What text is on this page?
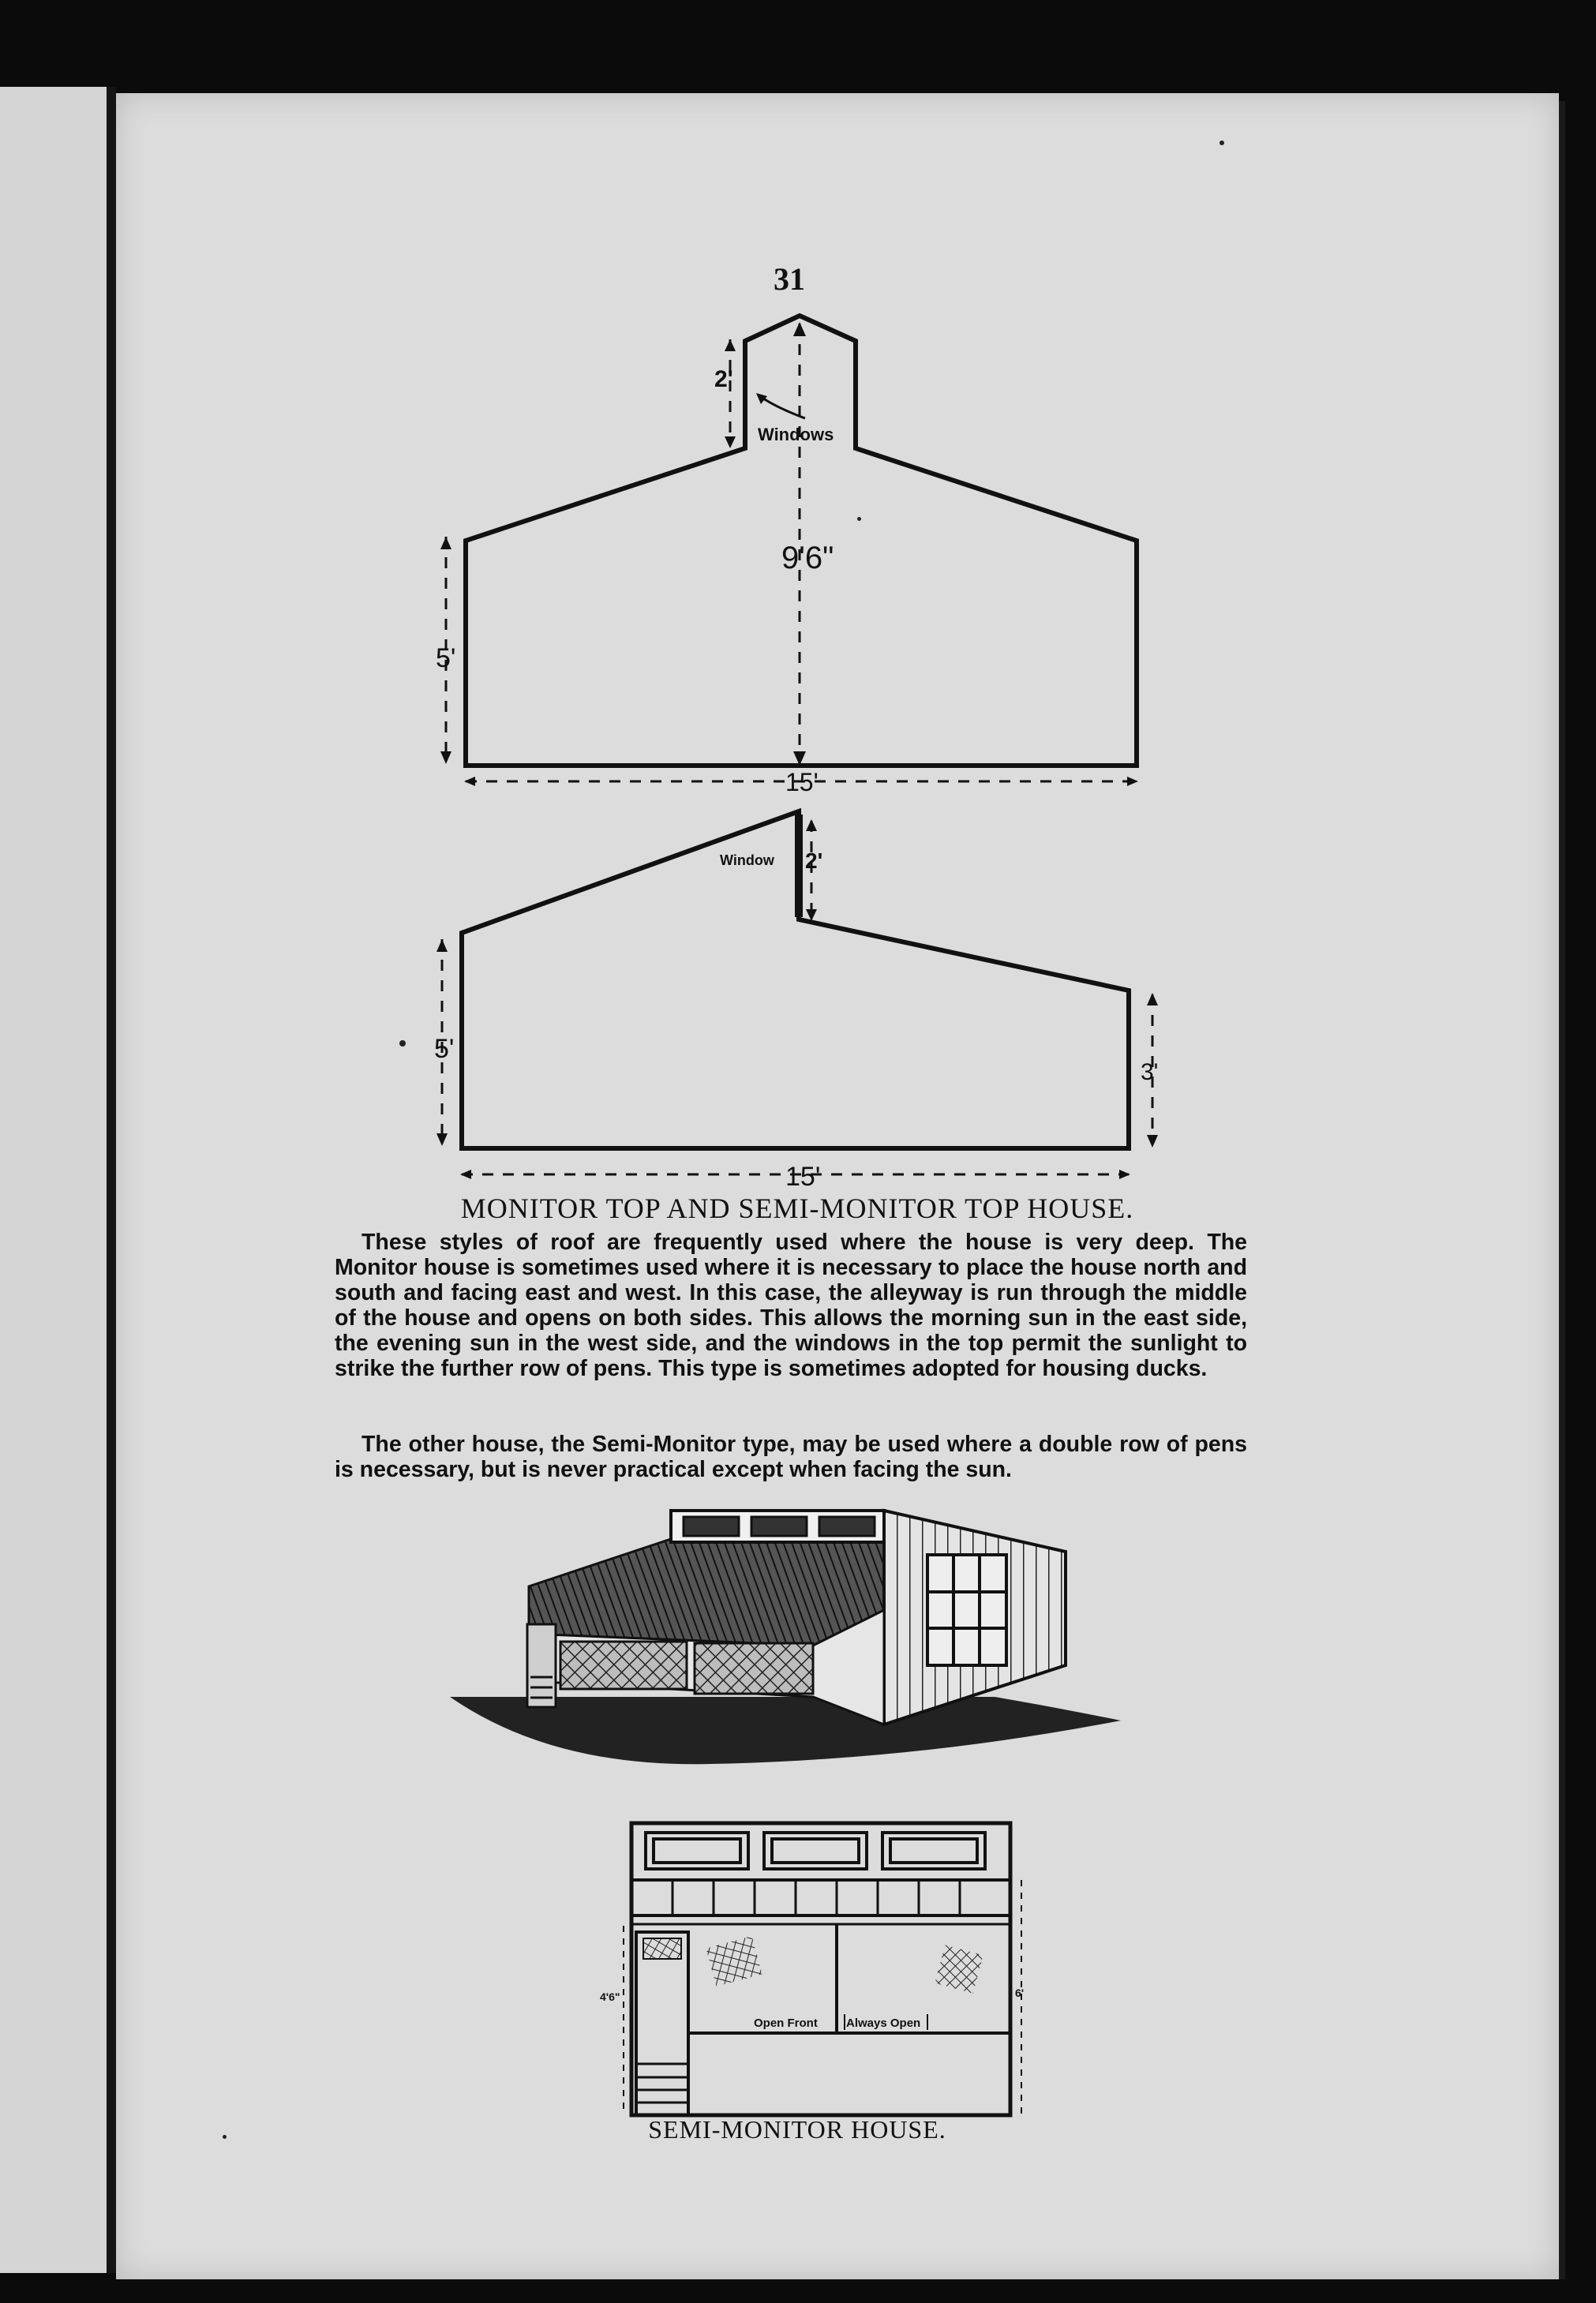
31
2'
Windows
9'6"
5'
15'
Window 2'
5'
3'
15'
MONITOR TOP AND SEMI-MONITOR TOP HOUSE.

These styles of roof are frequently used where the house is very deep. The Monitor house is sometimes used where it is necessary to place the house north and south and facing east and west. In this case, the alleyway is run through the middle of the house and opens on both sides. This allows the morning sun in the east side, the evening sun in the west side, and the windows in the top permit the sunlight to strike the further row of pens. This type is sometimes adopted for housing ducks.

The other house, the Semi-Monitor type, may be used where a double row of pens is necessary, but is never practical except when facing the sun.

Open Front Always Open
4'6"	6'
SEMI-MONITOR HOUSE.
